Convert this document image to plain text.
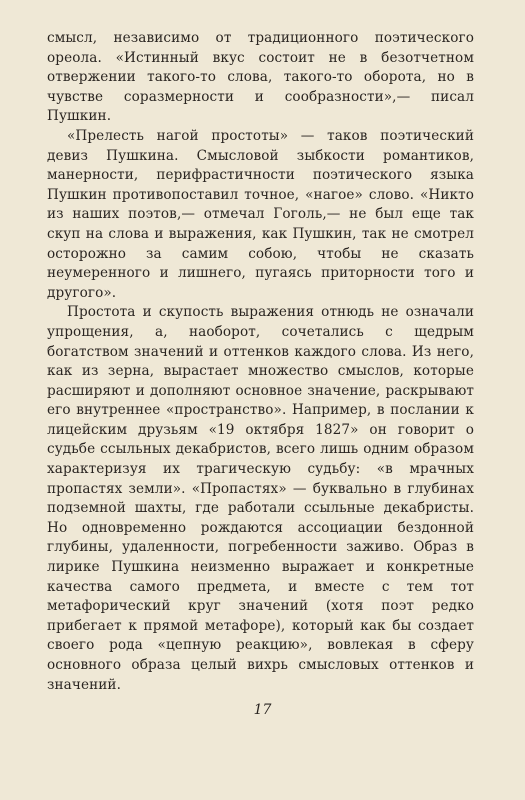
смысл, независимо от традиционного поэтического ореола. «Истинный вкус состоит не в безотчетном отвержении такого-то слова, такого-то оборота, но в чувстве соразмерности и сообразности»,— писал Пушкин.

«Прелесть нагой простоты» — таков поэтический девиз Пушкина. Смысловой зыбкости романтиков, манерности, перифрастичности поэтического языка Пушкин противопоставил точное, «нагое» слово. «Никто из наших поэтов,— отмечал Гоголь,— не был еще так скуп на слова и выражения, как Пушкин, так не смотрел осторожно за самим собою, чтобы не сказать неумеренного и лишнего, пугаясь приторности того и другого».

Простота и скупость выражения отнюдь не означали упрощения, а, наоборот, сочетались с щедрым богатством значений и оттенков каждого слова. Из него, как из зерна, вырастает множество смыслов, которые расширяют и дополняют основное значение, раскрывают его внутреннее «пространство». Например, в послании к лицейским друзьям «19 октября 1827» он говорит о судьбе ссыльных декабристов, всего лишь одним образом характеризуя их трагическую судьбу: «в мрачных пропастях земли». «Пропастях» — буквально в глубинах подземной шахты, где работали ссыльные декабристы. Но одновременно рождаются ассоциации бездонной глубины, удаленности, погребенности заживо. Образ в лирике Пушкина неизменно выражает и конкретные качества самого предмета, и вместе с тем тот метафорический круг значений (хотя поэт редко прибегает к прямой метафоре), который как бы создает своего рода «цепную реакцию», вовлекая в сферу основного образа целый вихрь смысловых оттенков и значений.

17
